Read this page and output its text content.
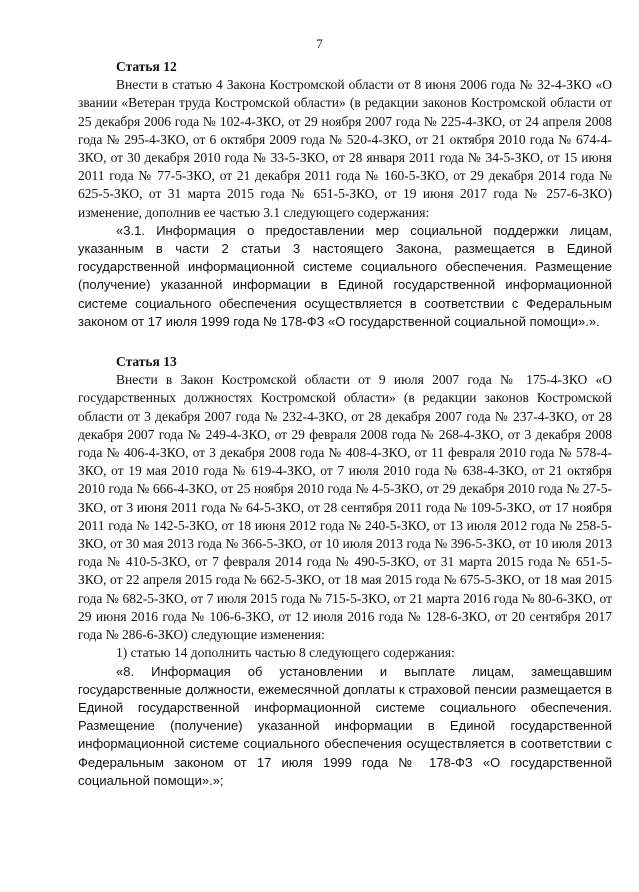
7
Статья 12

Внести в статью 4 Закона Костромской области от 8 июня 2006 года № 32-4-ЗКО «О звании «Ветеран труда Костромской области» (в редакции законов Костромской области от 25 декабря 2006 года № 102-4-ЗКО, от 29 ноября 2007 года № 225-4-ЗКО, от 24 апреля 2008 года № 295-4-ЗКО, от 6 октября 2009 года № 520-4-ЗКО, от 21 октября 2010 года № 674-4-ЗКО, от 30 декабря 2010 года № 33-5-ЗКО, от 28 января 2011 года № 34-5-ЗКО, от 15 июня 2011 года № 77-5-ЗКО, от 21 декабря 2011 года № 160-5-ЗКО, от 29 декабря 2014 года № 625-5-ЗКО, от 31 марта 2015 года № 651-5-ЗКО, от 19 июня 2017 года № 257-6-ЗКО) изменение, дополнив ее частью 3.1 следующего содержания:

«3.1. Информация о предоставлении мер социальной поддержки лицам, указанным в части 2 статьи 3 настоящего Закона, размещается в Единой государственной информационной системе социального обеспечения. Размещение (получение) указанной информации в Единой государственной информационной системе социального обеспечения осуществляется в соответствии с Федеральным законом от 17 июля 1999 года № 178-ФЗ «О государственной социальной помощи».».

Статья 13

Внести в Закон Костромской области от 9 июля 2007 года № 175-4-ЗКО «О государственных должностях Костромской области» (в редакции законов Костромской области от 3 декабря 2007 года № 232-4-ЗКО, от 28 декабря 2007 года № 237-4-ЗКО, от 28 декабря 2007 года № 249-4-ЗКО, от 29 февраля 2008 года № 268-4-ЗКО, от 3 декабря 2008 года № 406-4-ЗКО, от 3 декабря 2008 года № 408-4-ЗКО, от 11 февраля 2010 года № 578-4-ЗКО, от 19 мая 2010 года № 619-4-ЗКО, от 7 июля 2010 года № 638-4-ЗКО, от 21 октября 2010 года № 666-4-ЗКО, от 25 ноября 2010 года № 4-5-ЗКО, от 29 декабря 2010 года № 27-5-ЗКО, от 3 июня 2011 года № 64-5-ЗКО, от 28 сентября 2011 года № 109-5-ЗКО, от 17 ноября 2011 года № 142-5-ЗКО, от 18 июня 2012 года № 240-5-ЗКО, от 13 июля 2012 года № 258-5-ЗКО, от 30 мая 2013 года № 366-5-ЗКО, от 10 июля 2013 года № 396-5-ЗКО, от 10 июля 2013 года № 410-5-ЗКО, от 7 февраля 2014 года № 490-5-ЗКО, от 31 марта 2015 года № 651-5-ЗКО, от 22 апреля 2015 года № 662-5-ЗКО, от 18 мая 2015 года № 675-5-ЗКО, от 18 мая 2015 года № 682-5-ЗКО, от 7 июля 2015 года № 715-5-ЗКО, от 21 марта 2016 года № 80-6-ЗКО, от 29 июня 2016 года № 106-6-ЗКО, от 12 июля 2016 года № 128-6-ЗКО, от 20 сентября 2017 года № 286-6-ЗКО) следующие изменения:

1) статью 14 дополнить частью 8 следующего содержания:

«8. Информация об установлении и выплате лицам, замещавшим государственные должности, ежемесячной доплаты к страховой пенсии размещается в Единой государственной информационной системе социального обеспечения. Размещение (получение) указанной информации в Единой государственной информационной системе социального обеспечения осуществляется в соответствии с Федеральным законом от 17 июля 1999 года № 178-ФЗ «О государственной социальной помощи».»;
